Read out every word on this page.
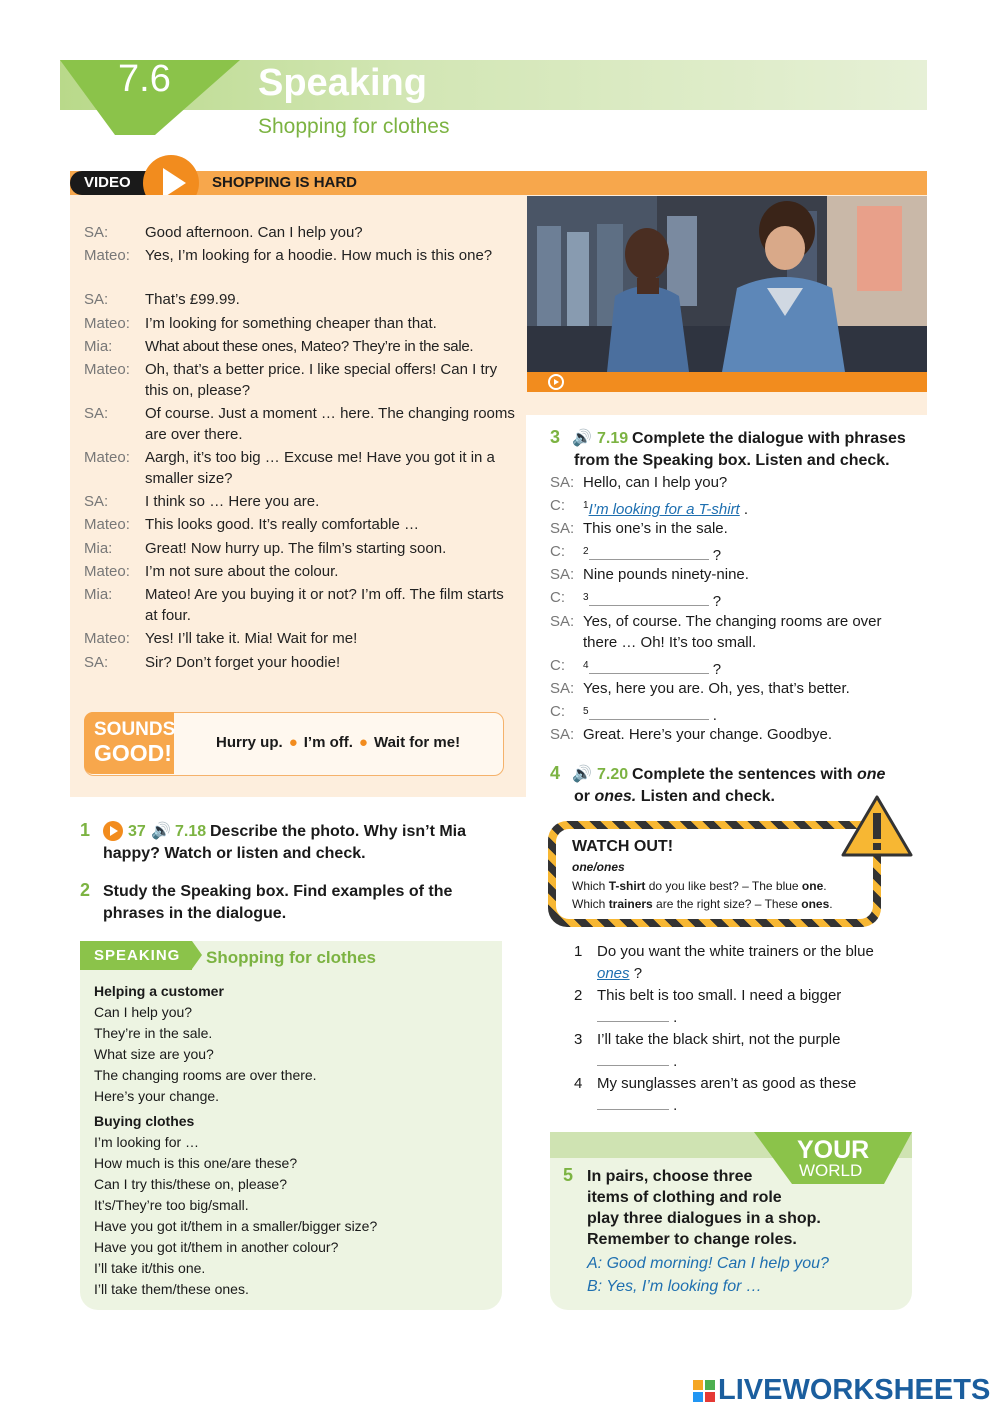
7.6 Speaking
Shopping for clothes
VIDEO	SHOPPING IS HARD
SA:	Good afternoon. Can I help you?
Mateo:	Yes, I’m looking for a hoodie. How much is this one?
SA:	That’s £99.99.
Mateo:	I’m looking for something cheaper than that.
Mia:	What about these ones, Mateo? They’re in the sale.
Mateo:	Oh, that’s a better price. I like special offers! Can I try this on, please?
SA:	Of course. Just a moment … here. The changing rooms are over there.
Mateo:	Aargh, it’s too big … Excuse me! Have you got it in a smaller size?
SA:	I think so … Here you are.
Mateo:	This looks good. It’s really comfortable …
Mia:	Great! Now hurry up. The film’s starting soon.
Mateo:	I’m not sure about the colour.
Mia:	Mateo! Are you buying it or not? I’m off. The film starts at four.
Mateo:	Yes! I’ll take it. Mia! Wait for me!
SA:	Sir? Don’t forget your hoodie!
SOUNDS
GOOD!	Hurry up. ● I’m off. ● Wait for me!
1 37 🔊 7.18 Describe the photo. Why isn’t Mia
happy? Watch or listen and check.
2 Study the Speaking box. Find examples of the
phrases in the dialogue.
SPEAKING Shopping for clothes
Helping a customer
Can I help you?
They’re in the sale.
What size are you?
The changing rooms are over there.
Here’s your change.
Buying clothes
I’m looking for …
How much is this one/are these?
Can I try this/these on, please?
It’s/They’re too big/small.
Have you got it/them in a smaller/bigger size?
Have you got it/them in another colour?
I’ll take it/this one.
I’ll take them/these ones.
3 🔊 7.19 Complete the dialogue with phrases
from the Speaking box. Listen and check.
SA: Hello, can I help you?
C: $^1$I’m looking for a T-shirt .
SA: This one’s in the sale.
C: $^2$	?
SA: Nine pounds ninety-nine.
C: $^3$	?
SA: Yes, of course. The changing rooms are over
there … Oh! It’s too small.
C: $^4$	?
SA: Yes, here you are. Oh, yes, that’s better.
C: $^5$	.
SA: Great. Here’s your change. Goodbye.
4 🔊 7.20 Complete the sentences with one
or ones. Listen and check.
WATCH OUT!
one/ones
Which T-shirt do you like best? – The blue one.
Which trainers are the right size? – These ones.
1 Do you want the white trainers or the blue
ones ?
2 This belt is too small. I need a bigger
.
3 I’ll take the black shirt, not the purple
.
4 My sunglasses aren’t as good as these
.
YOUR
WORLD
5 In pairs, choose three
items of clothing and role
play three dialogues in a shop.
Remember to change roles.
A: Good morning! Can I help you?
B: Yes, I’m looking for …
LIVEWORKSHEETS
